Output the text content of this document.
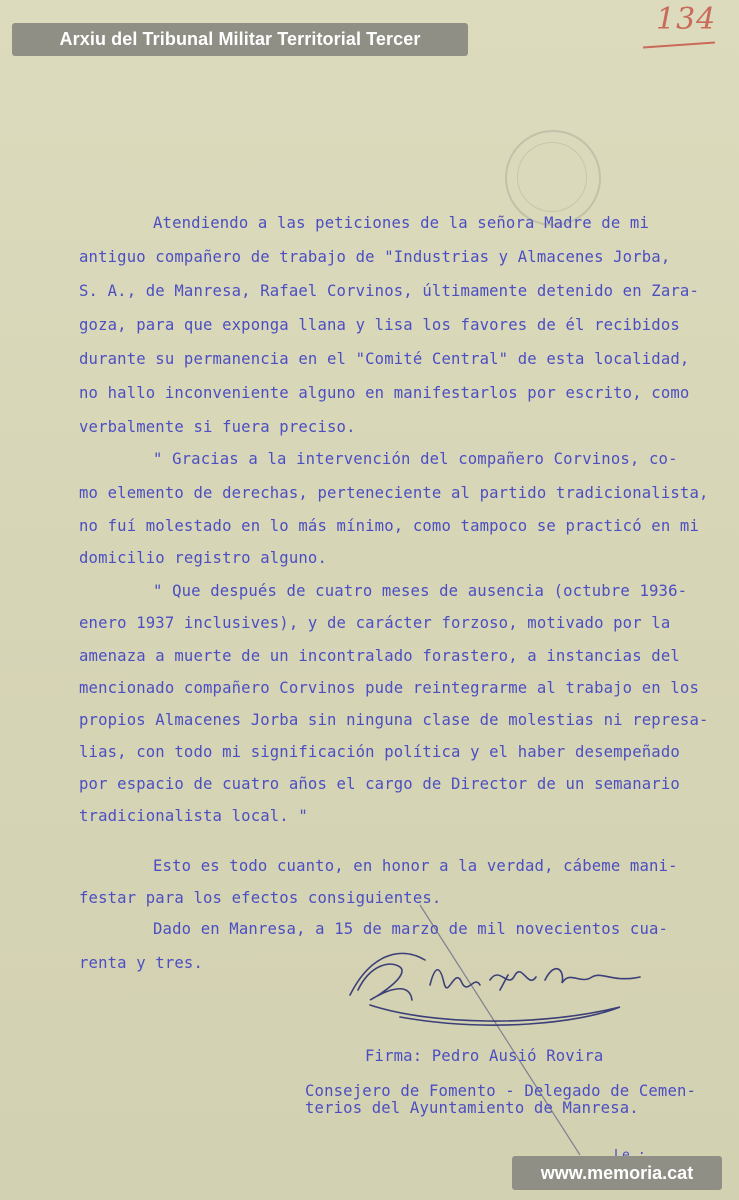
Arxiu del Tribunal Militar Territorial Tercer
134

Atendiendo a las peticiones de la señora Madre de mi

antiguo compañero de trabajo de "Industrias y Almacenes Jorba,

S. A., de Manresa, Rafael Corvinos, últimamente detenido en Zara-

goza, para que exponga llana y lisa los favores de él recibidos

durante su permanencia en el "Comité Central" de esta localidad,

no hallo inconveniente alguno en manifestarlos por escrito, como

verbalmente si fuera preciso.

" Gracias a la intervención del compañero Corvinos, co-

mo elemento de derechas, perteneciente al partido tradicionalista,

no fuí molestado en lo más mínimo, como tampoco se practicó en mi

domicilio registro alguno.

" Que después de cuatro meses de ausencia (octubre 1936-

enero 1937 inclusives), y de carácter forzoso, motivado por la

amenaza a muerte de un incontralado forastero, a instancias del

mencionado compañero Corvinos pude reintegrarme al trabajo en los

propios Almacenes Jorba sin ninguna clase de molestias ni represa-

lias, con todo mi significación política y el haber desempeñado

por espacio de cuatro años el cargo de Director de un semanario

tradicionalista local. "

Esto es todo cuanto, en honor a la verdad, cábeme mani-

festar para los efectos consiguientes.

Dado en Manresa, a 15 de marzo de mil novecientos cua-

renta y tres.

Firma: Pedro Ausió Rovira

Consejero de Fomento - Delegado de Cemen-

terios del Ayuntamiento de Manresa.

www.memoria.cat
